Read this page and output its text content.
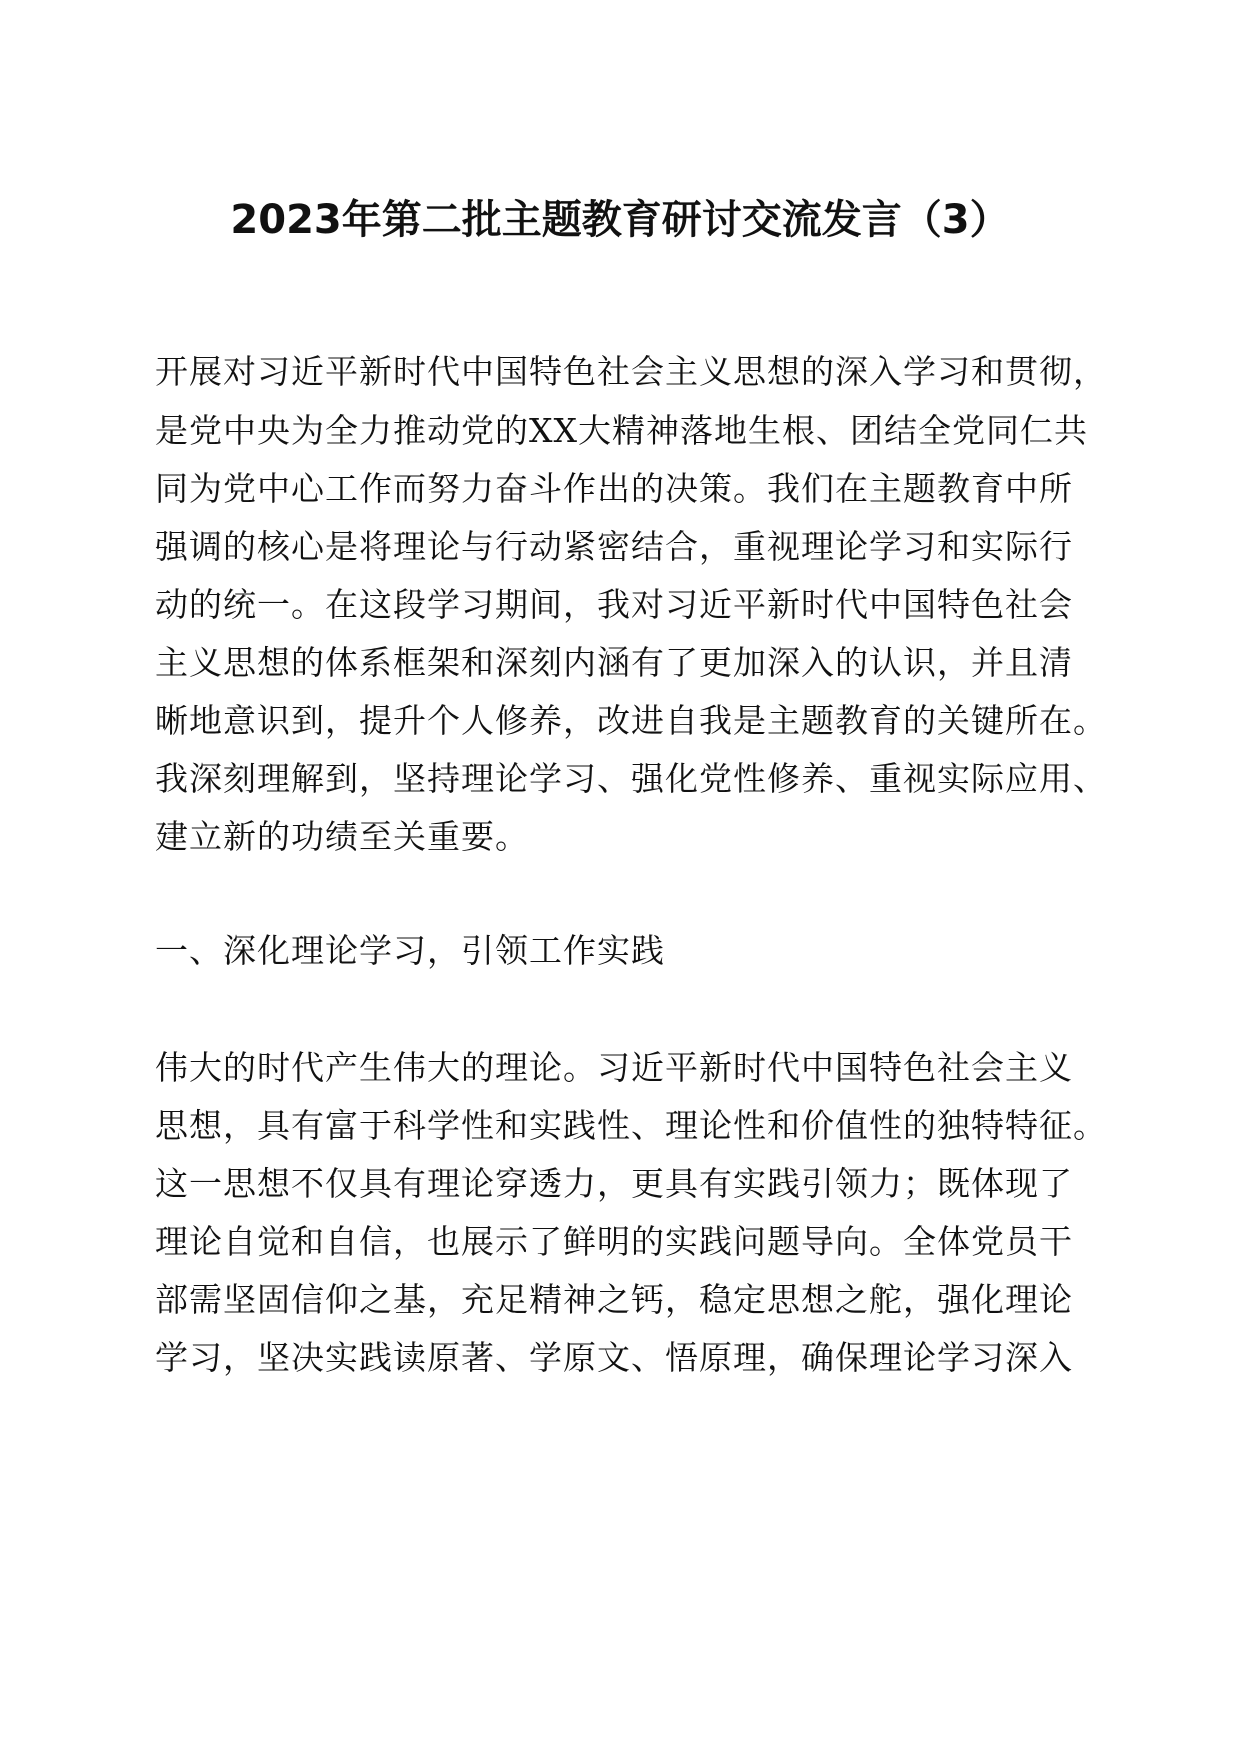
2023年第二批主题教育研讨交流发言（3）
开展对习近平新时代中国特色社会主义思想的深入学习和贯彻，
是党中央为全力推动党的XX大精神落地生根、团结全党同仁共
同为党中心工作而努力奋斗作出的决策。我们在主题教育中所
强调的核心是将理论与行动紧密结合，重视理论学习和实际行
动的统一。在这段学习期间，我对习近平新时代中国特色社会
主义思想的体系框架和深刻内涵有了更加深入的认识，并且清
晰地意识到，提升个人修养，改进自我是主题教育的关键所在。
我深刻理解到，坚持理论学习、强化党性修养、重视实际应用、
建立新的功绩至关重要。
一、深化理论学习，引领工作实践
伟大的时代产生伟大的理论。习近平新时代中国特色社会主义
思想，具有富于科学性和实践性、理论性和价值性的独特特征。
这一思想不仅具有理论穿透力，更具有实践引领力；既体现了
理论自觉和自信，也展示了鲜明的实践问题导向。全体党员干
部需坚固信仰之基，充足精神之钙，稳定思想之舵，强化理论
学习，坚决实践读原著、学原文、悟原理，确保理论学习深入
